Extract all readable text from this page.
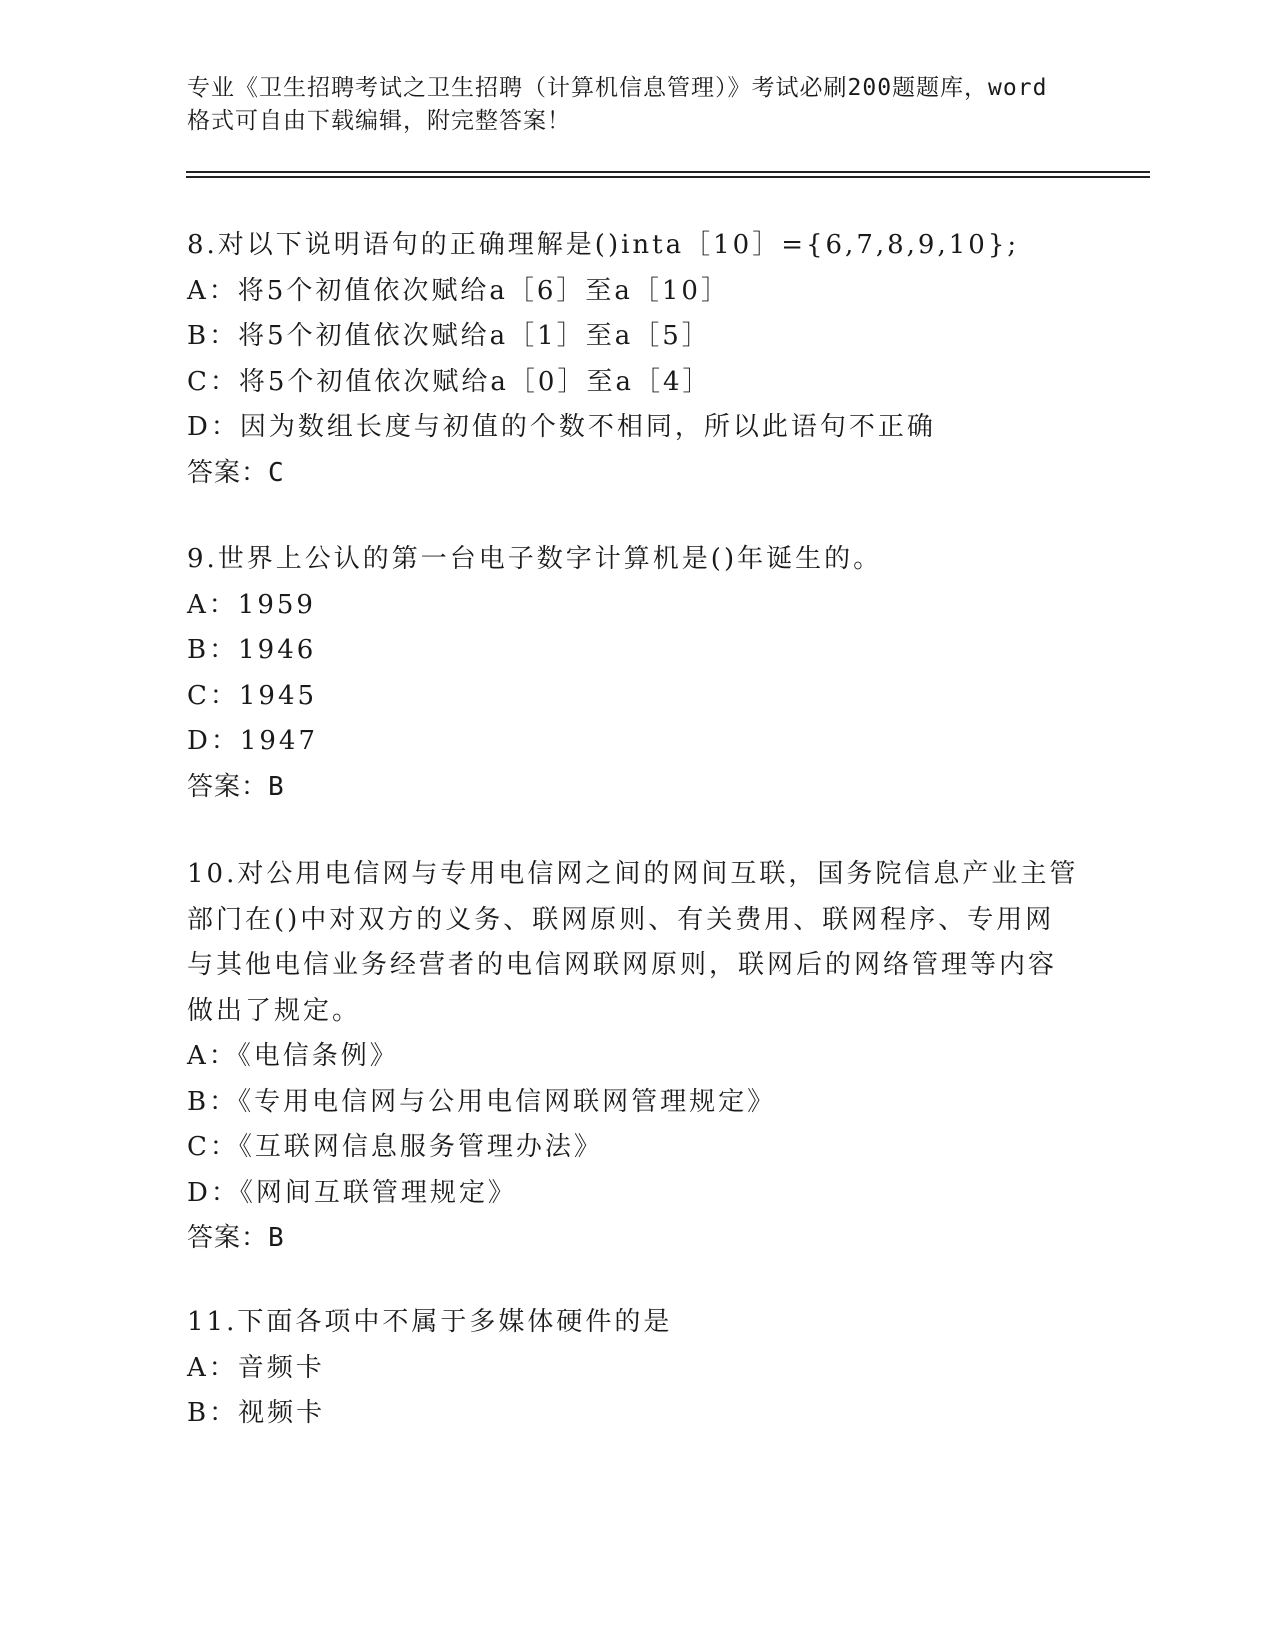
专业《卫生招聘考试之卫生招聘（计算机信息管理）》考试必刷200题题库，word
格式可自由下载编辑，附完整答案！
8.对以下说明语句的正确理解是()inta［10］={6,7,8,9,10};
A：将5个初值依次赋给a［6］至a［10］
B：将5个初值依次赋给a［1］至a［5］
C：将5个初值依次赋给a［0］至a［4］
D：因为数组长度与初值的个数不相同，所以此语句不正确
答案：C
9.世界上公认的第一台电子数字计算机是()年诞生的。
A：1959
B：1946
C：1945
D：1947
答案：B
10.对公用电信网与专用电信网之间的网间互联，国务院信息产业主管
部门在()中对双方的义务、联网原则、有关费用、联网程序、专用网
与其他电信业务经营者的电信网联网原则，联网后的网络管理等内容
做出了规定。
A：《电信条例》
B：《专用电信网与公用电信网联网管理规定》
C：《互联网信息服务管理办法》
D：《网间互联管理规定》
答案：B
11.下面各项中不属于多媒体硬件的是
A：音频卡
B：视频卡
